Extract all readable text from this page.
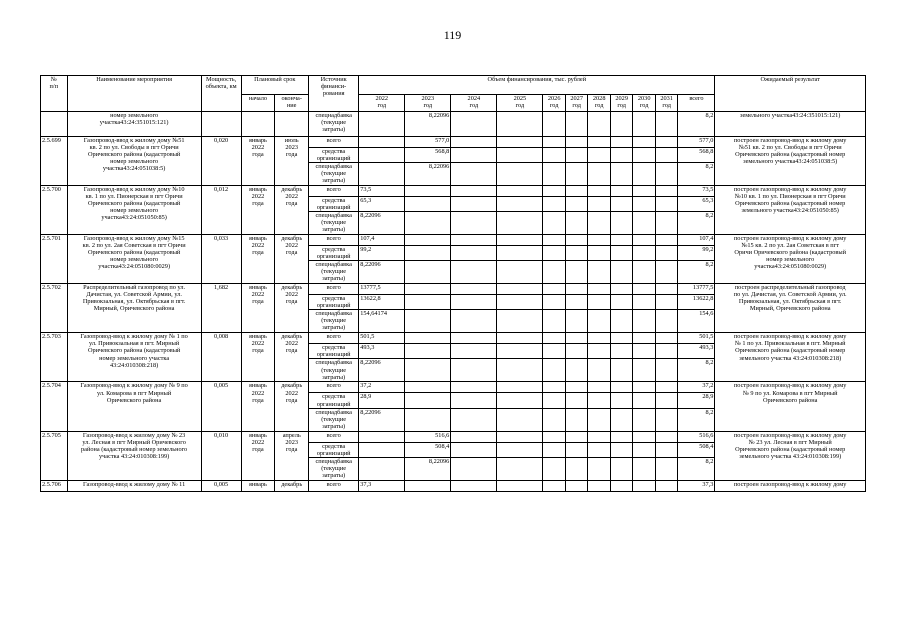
119
№
п/п	Наименование мероприятия	Мощность, объекта, км	Плановый срок		Источник финанси-
рования	Объем финансирования, тыс. рублей											Ожидаемый результат
			начало	оконча-
ние		2022
год	2023
год	2024
год	2025
год	2026
год	2027
год	2028
год	2029
год	2030
год	2031
год	всего	
	номер земельного
участка43:24:351015:121)				спецнадбавка
(текущие
затраты)		8,22096									8,2	земельного участка43:24:351015:121)
2.5.699	Газопровод-ввод к жилому дому №51
кв. 2 по ул. Свободы в пгт Оричи
Оричевского района (кадастровый
номер земельного
участка43:24:051038:5)	0,020	январь
2022
года	июль
2023
года	всего		577,0									577,0	построен газопровод-ввод к жилому дому
№51 кв. 2 по ул. Свободы в пгт Оричи
Оричевского района (кадастровый номер
земельного участка43:24:051038:5)
					средства
организаций		568,8									568,8	
					спецнадбавка
(текущие
затраты)		8,22096									8,2	
2.5.700	Газопровод-ввод к жилому дому №10
кв. 1 по ул. Пионерская в пгт Оричи
Оричевского района (кадастровый
номер земельного
участка43:24:051050:85)	0,012	январь
2022
года	декабрь
2022
года	всего	73,5										73,5	построен газопровод-ввод к жилому дому
№10 кв. 1 по ул. Пионерская в пгт Оричи
Оричевского района (кадастровый номер
земельного участка43:24:051050:85)
					средства
организаций	65,3										65,3	
					спецнадбавка
(текущие
затраты)	8,22096										8,2	
2.5.701	Газопровод-ввод к жилому дому №15
кв. 2 по ул. 2ая Советская в пгт Оричи
Оричевского района (кадастровый
номер земельного
участка43:24:051080:0029)	0,033	январь
2022
года	декабрь
2022
года	всего	107,4										107,4	построен газопровод-ввод к жилому дому
№15 кв. 2 по ул. 2ая Советская в пгт
Оричи Оричевского района (кадастровый
номер земельного
участка43:24:051080:0029)
					средства
организаций	99,2										99,2	
					спецнадбавка
(текущие
затраты)	8,22096										8,2	
2.5.702	Распределительный газопровод по ул.
Дачистая, ул. Советской Армии, ул.
Привокзальная, ул. Октябрьская в пгт.
Мирный, Оричевского района	1,682	январь
2022
года	декабрь
2022
года	всего	13777,5										13777,5	построен распределительный газопровод
по ул. Дачистая, ул. Советской Армии, ул.
Привокзальная, ул. Октябрьская в пгт.
Мирный, Оричевского района
					средства
организаций	13622,8										13622,8	
					спецнадбавка
(текущие
затраты)	154,64174										154,6	
2.5.703	Газопровод-ввод к жилому дому № 1 по
ул. Привокзальная в пгт. Мирный
Оричевского района (кадастровый
номер земельного участка
43:24:010308:218)	0,008	январь
2022
года	декабрь
2022
года	всего	501,5										501,5	построен газопровод-ввод к жилому дому
№ 1 по ул. Привокзальная в пгт. Мирный
Оричевского района (кадастровый номер
земельного участка 43:24:010308:218)
					средства
организаций	493,3										493,3	
					спецнадбавка
(текущие
затраты)	8,22096										8,2	
2.5.704	Газопровод-ввод к жилому дому № 9 по
ул. Комарова в пгт Мирный
Оричевского района	0,005	январь
2022
года	декабрь
2022
года	всего	37,2										37,2	построен газопровод-ввод к жилому дому
№ 9 по ул. Комарова в пгт Мирный
Оричевского района
					средства
организаций	28,9										28,9	
					спецнадбавка
(текущие
затраты)	8,22096										8,2	
2.5.705	Газопровод-ввод к жилому дому № 23
ул. Лесная в пгт Мирный Оричевского
района (кадастровый номер земельного
участка 43:24:010308:199)	0,010	январь
2022
года	апрель
2023
года	всего		516,6									516,6	построен газопровод-ввод к жилому дому
№ 23 ул. Лесная в пгт Мирный
Оричевского района (кадастровый номер
земельного участка 43:24:010308:199)
					средства
организаций		508,4									508,4	
					спецнадбавка
(текущие
затраты)		8,22096									8,2	
2.5.706	Газопровод-ввод к жилому дому № 11	0,005	январь	декабрь	всего	37,3										37,3	построен газопровод-ввод к жилому дому
